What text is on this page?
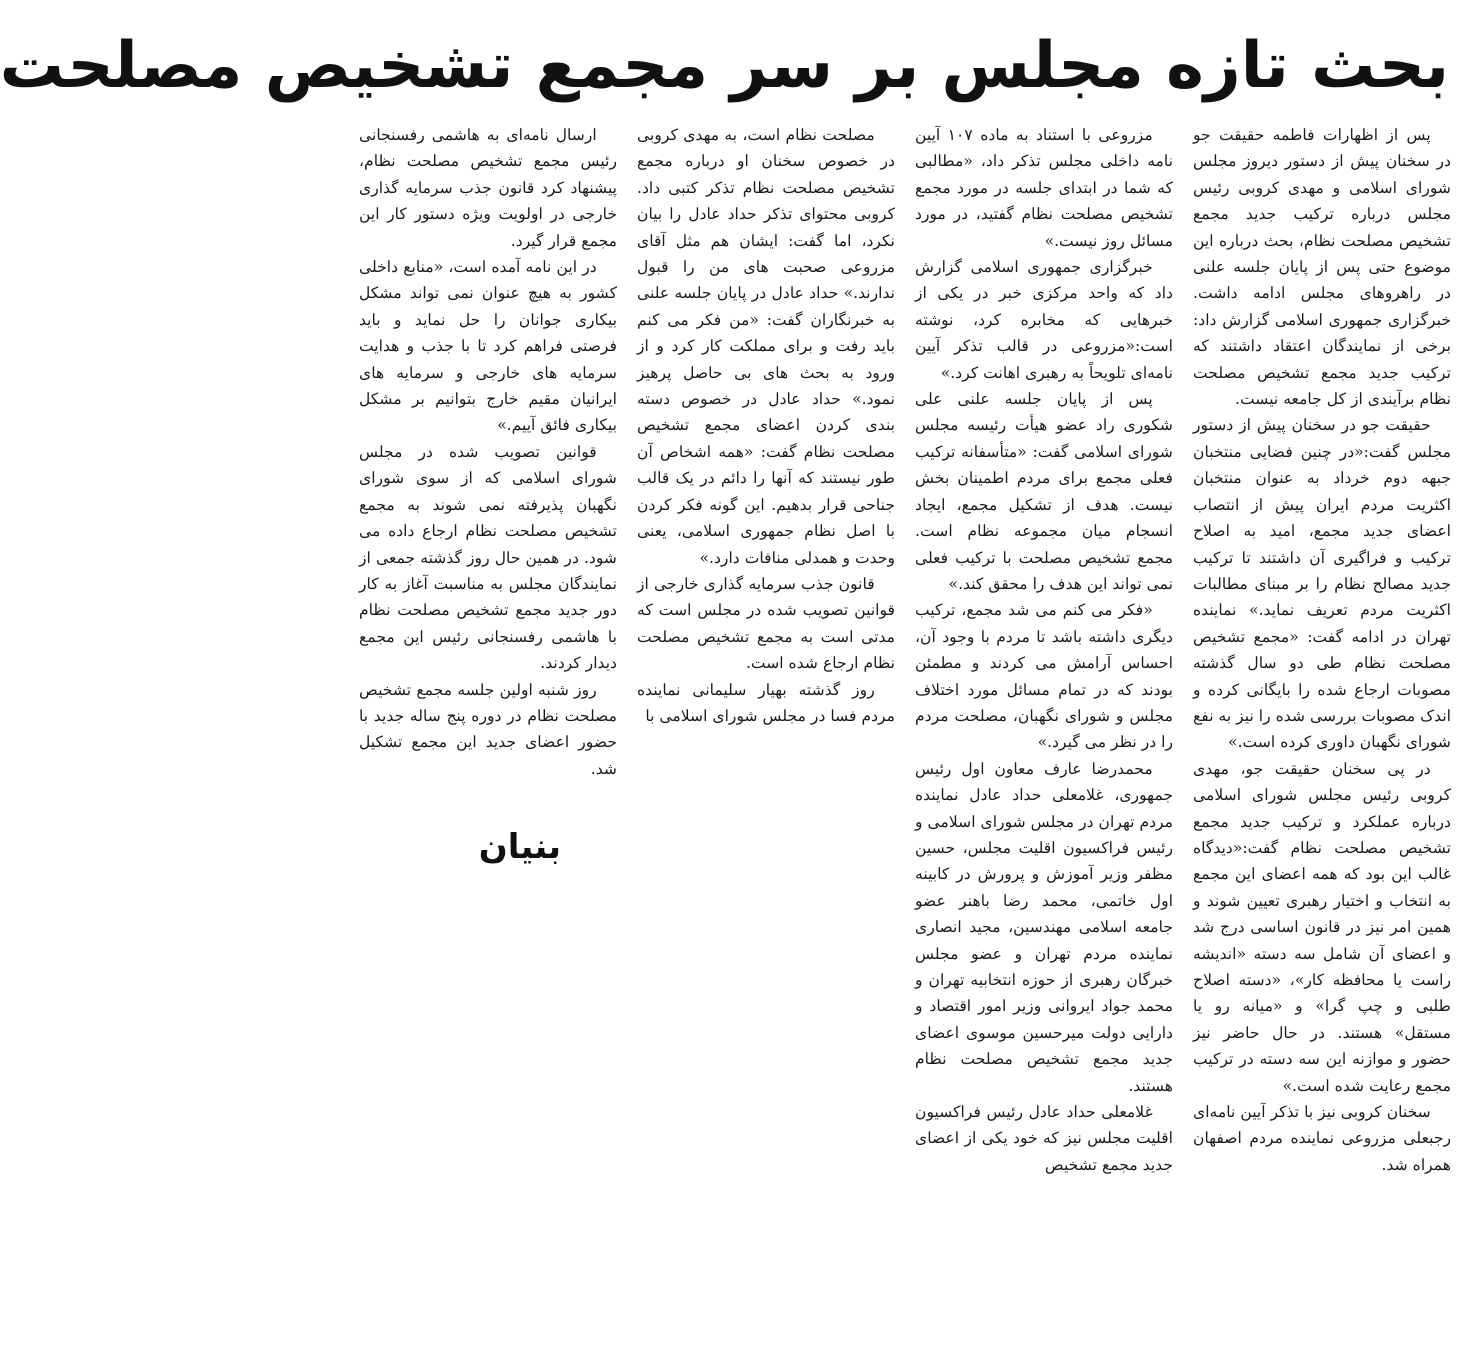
بحث تازه مجلس بر سر مجمع تشخیص مصلحت

پس از اظهارات فاطمه حقیقت جو در سخنان پیش از دستور دیروز مجلس شورای اسلامی و مهدی کروبی رئیس مجلس درباره ترکیب جدید مجمع تشخیص مصلحت نظام، بحث درباره این موضوع حتی پس از پایان جلسه علنی در راهروهای مجلس ادامه داشت. خبرگزاری جمهوری اسلامی گزارش داد: برخی از نمایندگان اعتقاد داشتند که ترکیب جدید مجمع تشخیص مصلحت نظام برآیندی از کل جامعه نیست.

حقیقت جو در سخنان پیش از دستور مجلس گفت:«در چنین فضایی منتخبان جبهه دوم خرداد به عنوان منتخبان اکثریت مردم ایران پیش از انتصاب اعضای جدید مجمع، امید به اصلاح ترکیب و فراگیری آن داشتند تا ترکیب جدید مصالح نظام را بر مبنای مطالبات اکثریت مردم تعریف نماید.» نماینده تهران در ادامه گفت: «مجمع تشخیص مصلحت نظام طی دو سال گذشته مصوبات ارجاع شده را بایگانی کرده و اندک مصوبات بررسی شده را نیز به نفع شورای نگهبان داوری کرده است.»

در پی سخنان حقیقت جو، مهدی کروبی رئیس مجلس شورای اسلامی درباره عملکرد و ترکیب جدید مجمع تشخیص مصلحت نظام گفت:«دیدگاه غالب این بود که همه اعضای این مجمع به انتخاب و اختیار رهبری تعیین شوند و همین امر نیز در قانون اساسی درج شد و اعضای آن شامل سه دسته «اندیشه راست یا محافظه کار»، «دسته اصلاح طلبی و چپ گرا» و «میانه رو یا مستقل» هستند. در حال حاضر نیز حضور و موازنه این سه دسته در ترکیب مجمع رعایت شده است.»

سخنان کروبی نیز با تذکر آیین نامه‌ای رجبعلی مزروعی نماینده مردم اصفهان همراه شد.

مزروعی با استناد به ماده ۱۰۷ آیین نامه داخلی مجلس تذکر داد، «مطالبی که شما در ابتدای جلسه در مورد مجمع تشخیص مصلحت نظام گفتید، در مورد مسائل روز نیست.»

خبرگزاری جمهوری اسلامی گزارش داد که واحد مرکزی خبر در یکی از خبرهایی که مخابره کرد، نوشته است:«مزروعی در قالب تذکر آیین نامه‌ای تلویحاً به رهبری اهانت کرد.»

پس از پایان جلسه علنی علی شکوری راد عضو هیأت رئیسه مجلس شورای اسلامی گفت: «متأسفانه ترکیب فعلی مجمع برای مردم اطمینان بخش نیست. هدف از تشکیل مجمع، ایجاد انسجام میان مجموعه نظام است. مجمع تشخیص مصلحت با ترکیب فعلی نمی تواند این هدف را محقق کند.»

«فکر می کنم می شد مجمع، ترکیب دیگری داشته باشد تا مردم با وجود آن، احساس آرامش می کردند و مطمئن بودند که در تمام مسائل مورد اختلاف مجلس و شورای نگهبان، مصلحت مردم را در نظر می گیرد.»

محمدرضا عارف معاون اول رئیس جمهوری، غلامعلی حداد عادل نماینده مردم تهران در مجلس شورای اسلامی و رئیس فراکسیون اقلیت مجلس، حسین مظفر وزیر آموزش و پرورش در کابینه اول خاتمی، محمد رضا باهنر عضو جامعه اسلامی مهندسین، مجید انصاری نماینده مردم تهران و عضو مجلس خبرگان رهبری از حوزه انتخابیه تهران و محمد جواد ایروانی وزیر امور اقتصاد و دارایی دولت میرحسین موسوی اعضای جدید مجمع تشخیص مصلحت نظام هستند.

غلامعلی حداد عادل رئیس فراکسیون اقلیت مجلس نیز که خود یکی از اعضای جدید مجمع تشخیص

مصلحت نظام است، به مهدی کروبی در خصوص سخنان او درباره مجمع تشخیص مصلحت نظام تذکر کتبی داد. کروبی محتوای تذکر حداد عادل را بیان نکرد، اما گفت: ایشان هم مثل آقای مزروعی صحبت های من را قبول ندارند.» حداد عادل در پایان جلسه علنی به خبرنگاران گفت: «من فکر می کنم باید رفت و برای مملکت کار کرد و از ورود به بحث های بی حاصل پرهیز نمود.» حداد عادل در خصوص دسته بندی کردن اعضای مجمع تشخیص مصلحت نظام گفت: «همه اشخاص آن طور نیستند که آنها را دائم در یک قالب جناحی قرار بدهیم. این گونه فکر کردن با اصل نظام جمهوری اسلامی، یعنی وحدت و همدلی منافات دارد.»

قانون جذب سرمایه گذاری خارجی از قوانین تصویب شده در مجلس است که مدتی است به مجمع تشخیص مصلحت نظام ارجاع شده است.

روز گذشته بهیار سلیمانی نماینده مردم فسا در مجلس شورای اسلامی با

ارسال نامه‌ای به هاشمی رفسنجانی رئیس مجمع تشخیص مصلحت نظام، پیشنهاد کرد قانون جذب سرمایه گذاری خارجی در اولویت ویژه دستور کار این مجمع قرار گیرد.

در این نامه آمده است، «منابع داخلی کشور به هیچ عنوان نمی تواند مشکل بیکاری جوانان را حل نماید و باید فرصتی فراهم کرد تا با جذب و هدایت سرمایه های خارجی و سرمایه های ایرانیان مقیم خارج بتوانیم بر مشکل بیکاری فائق آییم.»

قوانین تصویب شده در مجلس شورای اسلامی که از سوی شورای نگهبان پذیرفته نمی شوند به مجمع تشخیص مصلحت نظام ارجاع داده می شود. در همین حال روز گذشته جمعی از نمایندگان مجلس به مناسبت آغاز به کار دور جدید مجمع تشخیص مصلحت نظام با هاشمی رفسنجانی رئیس این مجمع دیدار کردند.

روز شنبه اولین جلسه مجمع تشخیص مصلحت نظام در دوره پنج ساله جدید با حضور اعضای جدید این مجمع تشکیل شد.

بنیان
